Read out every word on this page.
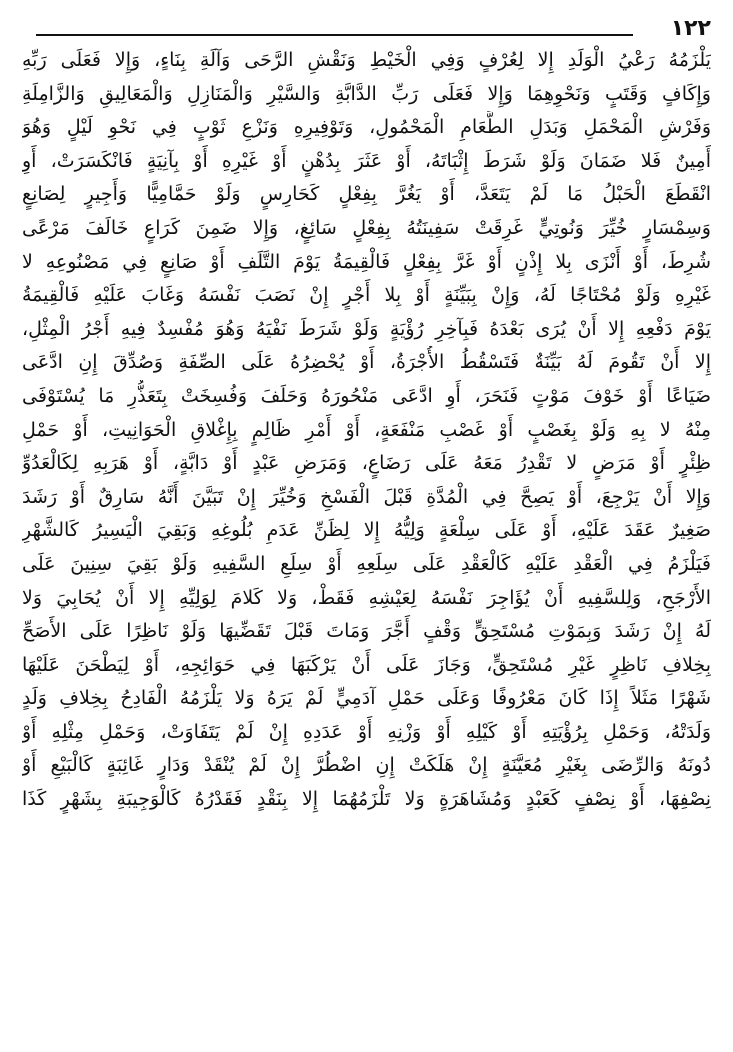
١٢٢
يَلْزَمُهُ رَعْيُ الْوَلَدِ إِلا لِعُرْفٍ وَفِي الْخَيْطِ وَنَقْشِ الرَّحَى وَآلَةِ بِنَاءٍ، وَإِلا فَعَلَى رَبِّهِ
وَإِكَافٍ وَقَتَبٍ وَنَحْوِهِمَا وَإِلا فَعَلَى رَبِّ الدَّابَّةِ وَالسَّيْرِ وَالْمَنَازِلِ وَالْمَعَالِيقِ وَالزَّامِلَةِ
وَفَرْشِ الْمَحْمَلِ وَبَدَلِ الطَّعَامِ الْمَحْمُولِ، وَتَوْفِيرِهِ وَنَزْعِ ثَوْبٍ فِي نَحْوِ لَيْلٍ وَهُوَ
أَمِينٌ فَلا ضَمَانَ وَلَوْ شَرَطَ إِثْبَاتَهُ، أَوْ عَثَرَ بِدُهْنٍ أَوْ غَيْرِهِ أَوْ بِآنِيَةٍ فَانْكَسَرَتْ، أَوِ
انْقَطَعَ الْحَبْلُ مَا لَمْ يَتَعَدَّ، أَوْ يَغُرَّ بِفِعْلٍ كَحَارِسٍ وَلَوْ حَمَّامِيًّا وَأَجِيرٍ لِصَانِعٍ
وَسِمْسَارٍ خُيِّرَ وَنُوتِيٍّ غَرِقَتْ سَفِينَتُهُ بِفِعْلٍ سَائِغٍ، وَإِلا ضَمِنَ كَرَاعٍ خَالَفَ مَرْعًى
شُرِطَ، أَوْ أَنْزَى بِلا إِذْنٍ أَوْ غَرَّ بِفِعْلٍ فَالْقِيمَةُ يَوْمَ التَّلَفِ أَوْ صَانِعٍ فِي مَصْنُوعِهِ لا
غَيْرِهِ وَلَوْ مُحْتَاجًا لَهُ، وَإِنْ بِبَيِّنَةٍ أَوْ بِلا أَجْرٍ إِنْ نَصَبَ نَفْسَهُ وَغَابَ عَلَيْهِ فَالْقِيمَةُ
يَوْمَ دَفْعِهِ إِلا أَنْ يُرَى بَعْدَهُ فَبِآخِرِ رُؤْيَةٍ وَلَوْ شَرَطَ نَفْيَهُ وَهُوَ مُفْسِدٌ فِيهِ أَجْرُ الْمِثْلِ،
إِلا أَنْ تَقُومَ لَهُ بَيِّنَةٌ فَتَسْقُطُ الأُجْرَةُ، أَوْ يُحْضِرُهُ عَلَى الصِّفَةِ وَصُدِّقَ إِنِ ادَّعَى
ضَيَاعًا أَوْ خَوْفَ مَوْتٍ فَنَحَرَ، أَوِ ادَّعَى مَنْحُورَهُ وَحَلَفَ وَفُسِخَتْ بِتَعَذُّرِ مَا يُسْتَوْفَى
مِنْهُ لا بِهِ وَلَوْ بِغَصْبٍ أَوْ غَصْبِ مَنْفَعَةٍ، أَوْ أَمْرِ ظَالِمٍ بِإِغْلاقِ الْحَوَانِيتِ، أَوْ حَمْلِ
ظِئْرٍ أَوْ مَرَضٍ لا تَقْدِرُ مَعَهُ عَلَى رَضَاعٍ، وَمَرَضِ عَبْدٍ أَوْ دَابَّةٍ، أَوْ هَرَبِهِ لِكَالْعَدُوِّ
وَإِلا أَنْ يَرْجِعَ، أَوْ يَصِحَّ فِي الْمُدَّةِ قَبْلَ الْفَسْخِ وَخُيِّرَ إِنْ تَبَيَّنَ أَنَّهُ سَارِقٌ أَوْ رَشَدَ
صَغِيرٌ عَقَدَ عَلَيْهِ، أَوْ عَلَى سِلْعَةٍ وَلِيُّهُ إِلا لِظَنِّ عَدَمِ بُلُوغِهِ وَبَقِيَ الْيَسِيرُ كَالشَّهْرِ
فَيَلْزَمُ فِي الْعَقْدِ عَلَيْهِ كَالْعَقْدِ عَلَى سِلَعِهِ أَوْ سِلَعِ السَّفِيهِ وَلَوْ بَقِيَ سِنِينَ عَلَى
الأَرْجَحِ، وَلِلسَّفِيهِ أَنْ يُؤَاجِرَ نَفْسَهُ لِعَيْشِهِ فَقَطْ، وَلا كَلامَ لِوَلِيِّهِ إِلا أَنْ يُحَابِيَ وَلا
لَهُ إِنْ رَشَدَ وَبِمَوْتِ مُسْتَحِقٍّ وَقْفٍ أَجَّرَ وَمَاتَ قَبْلَ تَقَضِّيهَا وَلَوْ نَاظِرًا عَلَى الأَصَحِّ
بِخِلافِ نَاظِرٍ غَيْرِ مُسْتَحِقٍّ، وَجَازَ عَلَى أَنْ يَرْكَبَهَا فِي حَوَائِجِهِ، أَوْ لِيَطْحَنَ عَلَيْهَا
شَهْرًا مَثَلاً إِذَا كَانَ مَعْرُوفًا وَعَلَى حَمْلِ آدَمِيٍّ لَمْ يَرَهُ وَلا يَلْزَمُهُ الْفَادِحُ بِخِلافِ وَلَدٍ
وَلَدَتْهُ، وَحَمْلِ بِرُؤْيَتِهِ أَوْ كَيْلِهِ أَوْ وَزْنِهِ أَوْ عَدَدِهِ إِنْ لَمْ يَتَفَاوَتْ، وَحَمْلِ مِثْلِهِ أَوْ
دُونَهُ وَالرِّضَى بِغَيْرِ مُعَيَّنَةٍ إِنْ هَلَكَتْ إِنِ اضْطُرَّ إِنْ لَمْ يُنْقَدْ وَدَارٍ غَائِبَةٍ كَالْبَيْعِ أَوْ
نِصْفِهَا، أَوْ نِصْفٍ كَعَبْدٍ وَمُشَاهَرَةٍ وَلا تَلْزَمُهُمَا إِلا بِنَقْدٍ فَقَدْرُهُ كَالْوَجِيبَةِ بِشَهْرٍ كَذَا
